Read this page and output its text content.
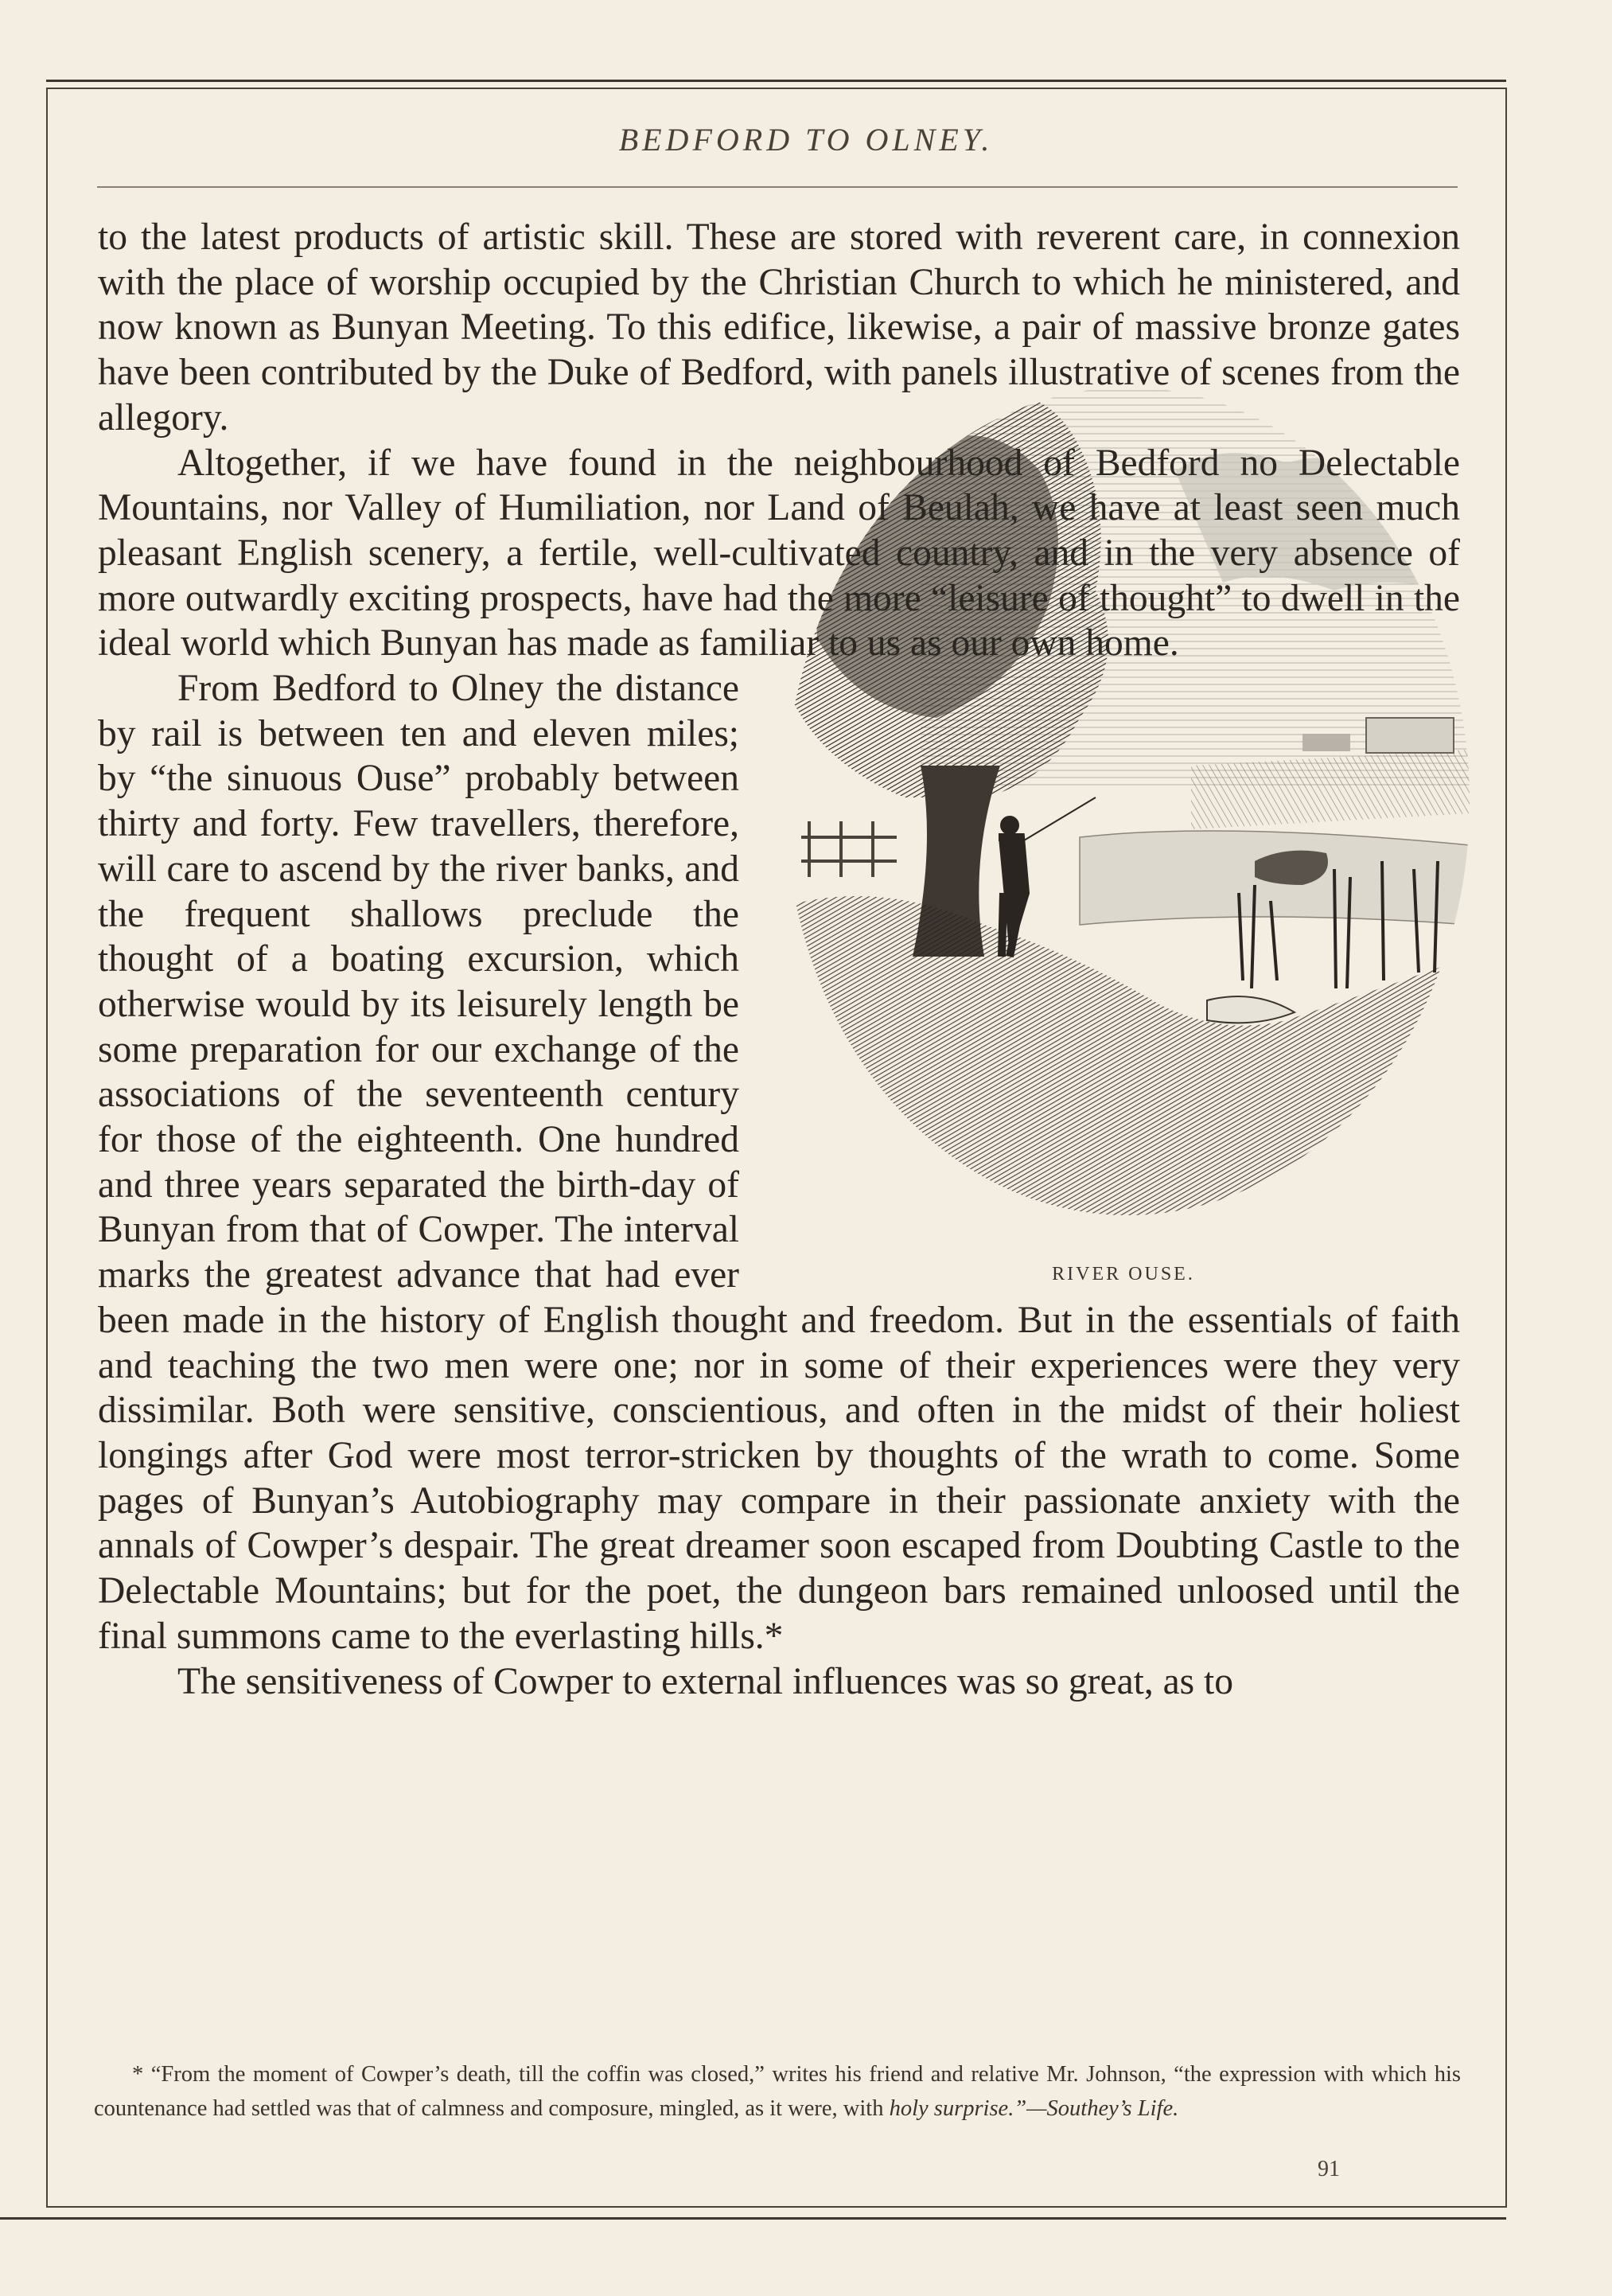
BEDFORD TO OLNEY.

to the latest products of artistic skill. These are stored with reverent care, in connexion with the place of worship occupied by the Christian Church to which he ministered, and now known as Bunyan Meeting. To this edifice, likewise, a pair of massive bronze gates have been contributed by the Duke of Bedford, with panels illustrative of scenes from the allegory.

Altogether, if we have found in the neighbourhood of Bedford no Delectable Mountains, nor Valley of Humiliation, nor Land of Beulah, we have at least seen much pleasant English scenery, a fertile, well-cultivated country, and in the very absence of more outwardly exciting prospects, have had the more “leisure of thought” to dwell in the ideal world which Bunyan has made as familiar to us as our own home.

RIVER OUSE.

From Bedford to Olney the distance by rail is between ten and eleven miles; by “the sinuous Ouse” probably between thirty and forty. Few travellers, therefore, will care to ascend by the river banks, and the frequent shallows preclude the thought of a boating excursion, which otherwise would by its leisurely length be some preparation for our exchange of the associations of the seventeenth century for those of the eighteenth. One hundred and three years separated the birth-day of Bunyan from that of Cowper. The interval marks the greatest advance that had ever been made in the history of English thought and freedom. But in the essentials of faith and teaching the two men were one; nor in some of their experiences were they very dissimilar. Both were sensitive, conscientious, and often in the midst of their holiest longings after God were most terror-stricken by thoughts of the wrath to come. Some pages of Bunyan’s Autobiography may compare in their passionate anxiety with the annals of Cowper’s despair. The great dreamer soon escaped from Doubting Castle to the Delectable Mountains; but for the poet, the dungeon bars remained unloosed until the final summons came to the everlasting hills.*

The sensitiveness of Cowper to external influences was so great, as to

* “From the moment of Cowper’s death, till the coffin was closed,” writes his friend and relative Mr. Johnson, “the expression with which his countenance had settled was that of calmness and composure, mingled, as it were, with holy surprise.”—Southey’s Life.
91
